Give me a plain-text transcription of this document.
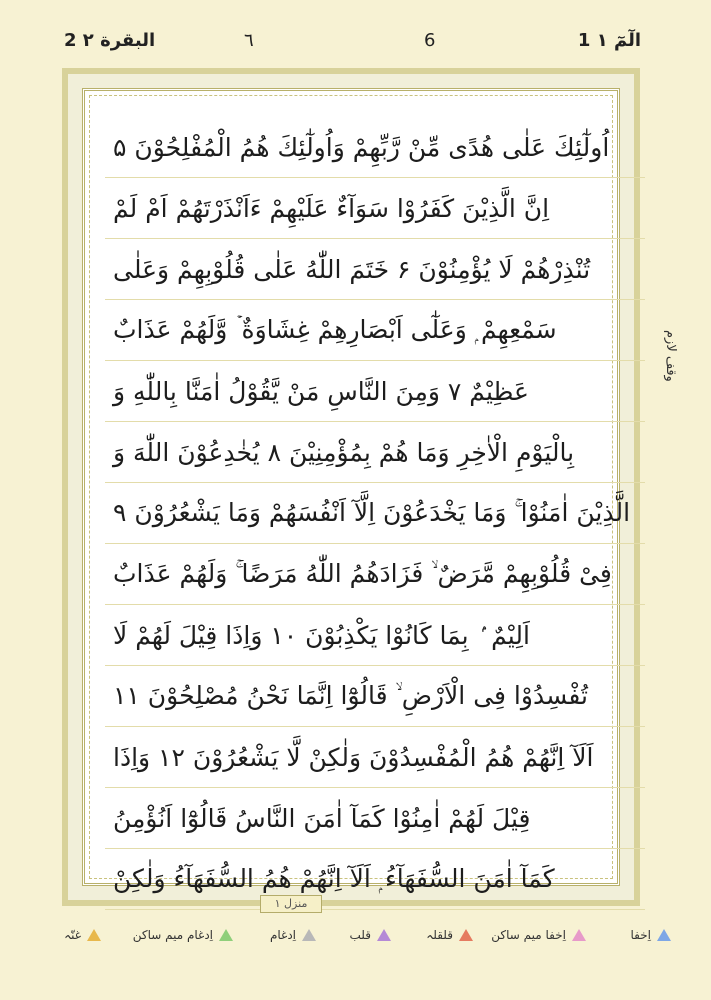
2 البقرة ٢	٦	6	1 الٓمٓ ١
اُولٰٓئِكَ عَلٰى هُدًى مِّنْ رَّبِّهِمْ وَاُولٰٓئِكَ هُمُ الْمُفْلِحُوْنَ ۵
اِنَّ الَّذِيْنَ كَفَرُوْا سَوَآءٌ عَلَيْهِمْ ءَاَنْذَرْتَهُمْ اَمْ لَمْ
تُنْذِرْهُمْ لَا يُؤْمِنُوْنَ ۶ خَتَمَ اللّٰهُ عَلٰى قُلُوْبِهِمْ وَعَلٰى
سَمْعِهِمْ ۭ وَعَلٰٓى اَبْصَارِهِمْ غِشَاوَةٌ ۡ وَّلَهُمْ عَذَابٌ
عَظِيْمٌ ۷ وَمِنَ النَّاسِ مَنْ يَّقُوْلُ اٰمَنَّا بِاللّٰهِ وَ
بِالْيَوْمِ الْاٰخِرِ وَمَا هُمْ بِمُؤْمِنِيْنَ ۸ يُخٰدِعُوْنَ اللّٰهَ وَ
الَّذِيْنَ اٰمَنُوْا ۚ وَمَا يَخْدَعُوْنَ اِلَّآ اَنْفُسَهُمْ وَمَا يَشْعُرُوْنَ ۹
فِىْ قُلُوْبِهِمْ مَّرَضٌ ۙ فَزَادَهُمُ اللّٰهُ مَرَضًا ۚ وَلَهُمْ عَذَابٌ
اَلِيْمٌ ۢ بِمَا كَانُوْا يَكْذِبُوْنَ ۱۰ وَاِذَا قِيْلَ لَهُمْ لَا
تُفْسِدُوْا فِى الْاَرْضِ ۙ قَالُوْٓا اِنَّمَا نَحْنُ مُصْلِحُوْنَ ۱۱
اَلَآ اِنَّهُمْ هُمُ الْمُفْسِدُوْنَ وَلٰكِنْ لَّا يَشْعُرُوْنَ ۱۲ وَاِذَا
قِيْلَ لَهُمْ اٰمِنُوْا كَمَآ اٰمَنَ النَّاسُ قَالُوْٓا اَنُؤْمِنُ
كَمَآ اٰمَنَ السُّفَهَآءُ ۭ اَلَآ اِنَّهُمْ هُمُ السُّفَهَآءُ وَلٰكِنْ
منزل ١
وقف لازم
اِخفا
اِخفا میم ساکن
قلقلہ
قلب
اِدغام
اِدغام میم ساکن
غنّہ
